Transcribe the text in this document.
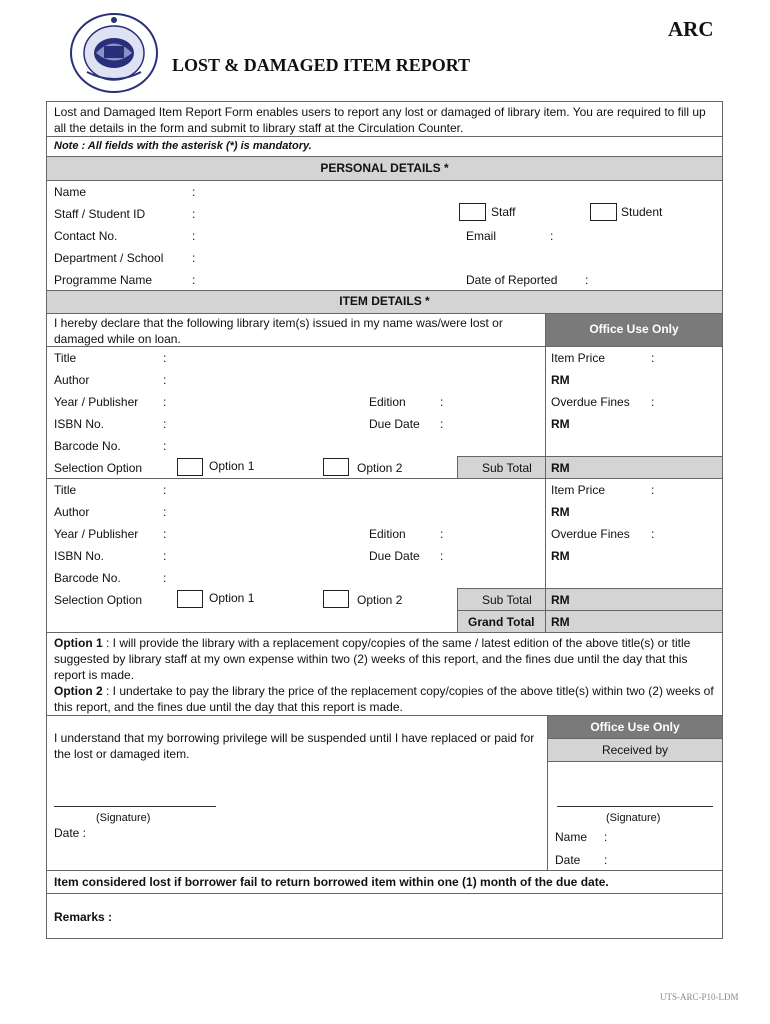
ARC
LOST & DAMAGED ITEM REPORT
Lost and Damaged Item Report Form enables users to report any lost or damaged of library item. You are required to fill up all the details in the form and submit to library staff at the Circulation Counter.
Note : All fields with the asterisk (*) is mandatory.
PERSONAL DETAILS *
Name	:
Staff / Student ID	:	Staff	Student
Contact No.	:	Email	:
Department / School :
Programme Name	:	Date of Reported :
ITEM DETAILS *
I hereby declare that the following library item(s) issued in my name was/were lost or damaged while on loan.
Office Use Only
Title	:	Item Price	:
Author	:	RM
Year / Publisher :	Edition	:	Overdue Fines :
ISBN No.	:	Due Date :	RM
Barcode No.	:
Selection Option	Option 1	Option 2	Sub Total RM
Title	:	Item Price	:
Author	:	RM
Year / Publisher :	Edition	:	Overdue Fines :
ISBN No.	:	Due Date :	RM
Barcode No.	:
Selection Option	Option 1	Option 2	Sub Total RM
Grand Total RM
Option 1 : I will provide the library with a replacement copy/copies of the same / latest edition of the above title(s) or title suggested by library staff at my own expense within two (2) weeks of this report, and the fines due until the day that this report is made.
Option 2 : I undertake to pay the library the price of the replacement copy/copies of the above title(s) within two (2) weeks of this report, and the fines due until the day that this report is made.
I understand that my borrowing privilege will be suspended until I have replaced or paid for the lost or damaged item.
Office Use Only
Received by
(Signature)
Date :
(Signature)
Name :
Date :
Item considered lost if borrower fail to return borrowed item within one (1) month of the due date.
Remarks :
UTS-ARC-P10-LDM
